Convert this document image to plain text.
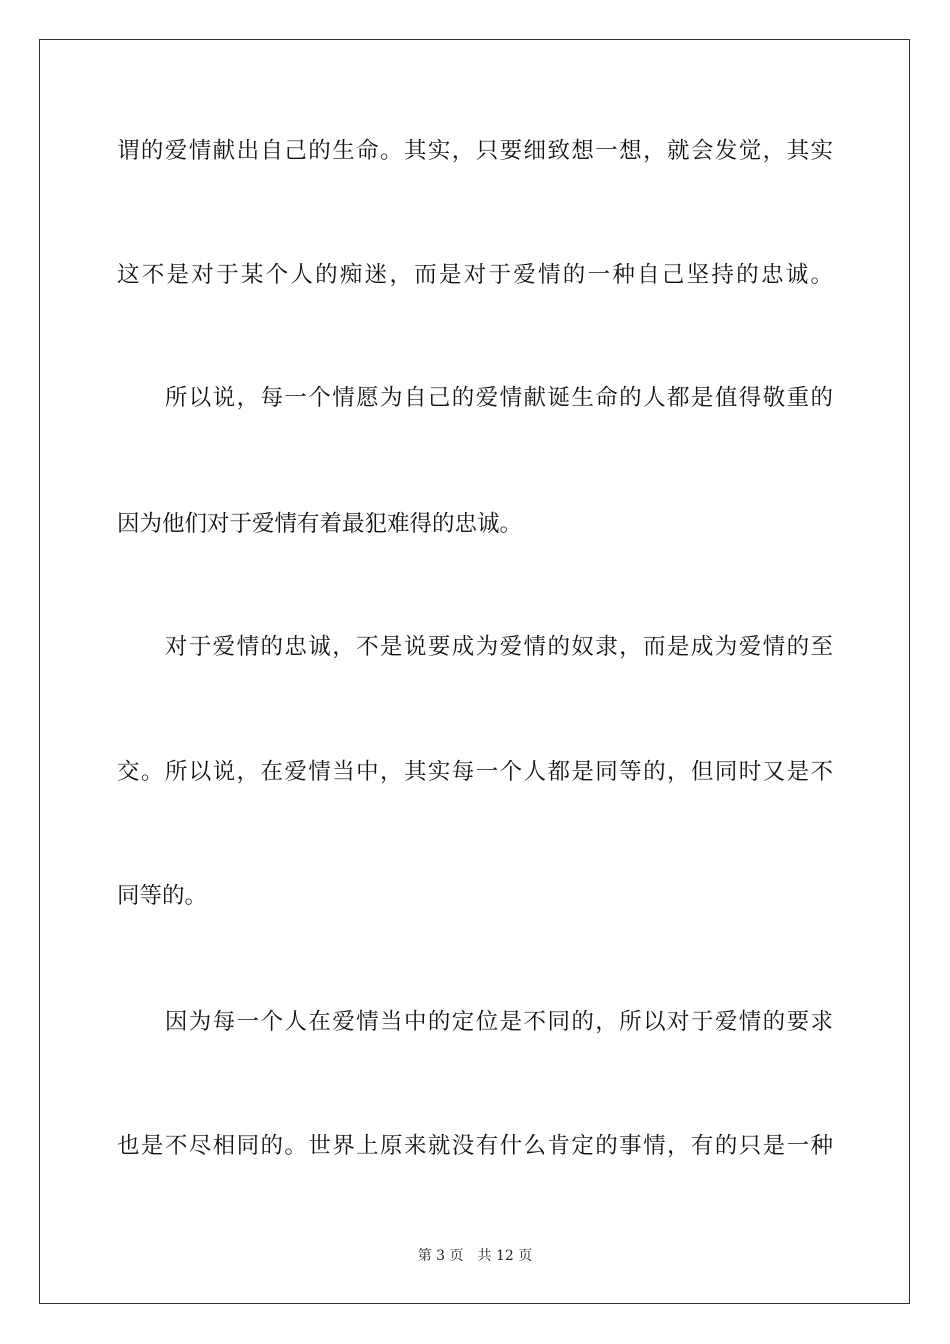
谓的爱情献出自己的生命。其实，只要细致想一想，就会发觉，其实
这不是对于某个人的痴迷，而是对于爱情的一种自己坚持的忠诚。
　　所以说，每一个情愿为自己的爱情献诞生命的人都是值得敬重的
因为他们对于爱情有着最犯难得的忠诚。
　　对于爱情的忠诚，不是说要成为爱情的奴隶，而是成为爱情的至
交。所以说，在爱情当中，其实每一个人都是同等的，但同时又是不
同等的。
　　因为每一个人在爱情当中的定位是不同的，所以对于爱情的要求
也是不尽相同的。世界上原来就没有什么肯定的事情，有的只是一种
第 3 页　共 12 页
